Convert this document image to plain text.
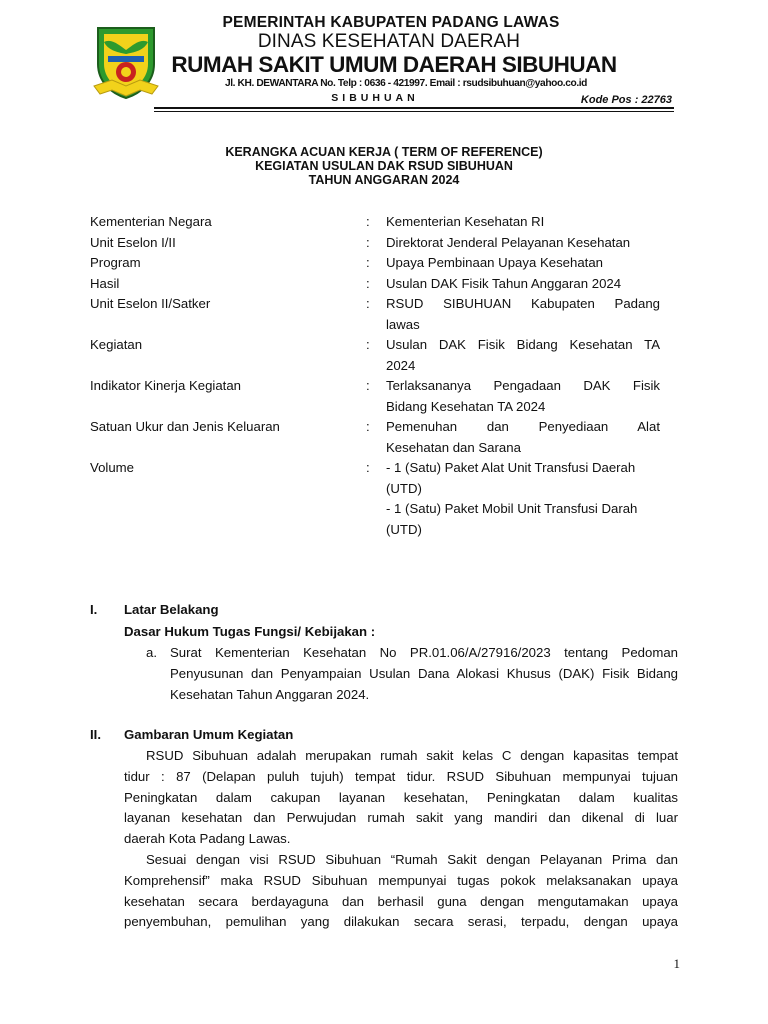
PEMERINTAH KABUPATEN PADANG LAWAS
DINAS KESEHATAN DAERAH
RUMAH SAKIT UMUM DAERAH SIBUHUAN
Jl. KH. DEWANTARA No. Telp : 0636 - 421997. Email : rsudsibuhuan@yahoo.co.id
SIBUHUAN	Kode Pos : 22763
KERANGKA ACUAN KERJA ( TERM OF REFERENCE)
KEGIATAN USULAN DAK RSUD SIBUHUAN
TAHUN ANGGARAN 2024
Kementerian Negara	:	Kementerian Kesehatan RI
Unit Eselon I/II	:	Direktorat Jenderal Pelayanan Kesehatan
Program	:	Upaya Pembinaan Upaya Kesehatan
Hasil	:	Usulan DAK Fisik Tahun Anggaran 2024
Unit Eselon II/Satker	:	RSUD SIBUHUAN Kabupaten Padang
lawas
Kegiatan	:	Usulan DAK Fisik Bidang Kesehatan TA
2024
Indikator Kinerja Kegiatan	:	Terlaksananya Pengadaan DAK Fisik
Bidang Kesehatan TA 2024
Satuan Ukur dan Jenis Keluaran	:	Pemenuhan dan Penyediaan Alat
Kesehatan dan Sarana
Volume	:	- 1 (Satu) Paket Alat Unit Transfusi Daerah
(UTD)
- 1 (Satu) Paket Mobil Unit Transfusi Darah
(UTD)
I. Latar Belakang
Dasar Hukum Tugas Fungsi/ Kebijakan :
a. Surat Kementerian Kesehatan No PR.01.06/A/27916/2023 tentang Pedoman
Penyusunan dan Penyampaian Usulan Dana Alokasi Khusus (DAK) Fisik Bidang
Kesehatan Tahun Anggaran 2024.
II. Gambaran Umum Kegiatan
RSUD Sibuhuan adalah merupakan rumah sakit kelas C dengan kapasitas tempat
tidur : 87 (Delapan puluh tujuh) tempat tidur. RSUD Sibuhuan mempunyai tujuan
Peningkatan dalam cakupan layanan kesehatan, Peningkatan dalam kualitas
layanan kesehatan dan Perwujudan rumah sakit yang mandiri dan dikenal di luar
daerah Kota Padang Lawas.
Sesuai dengan visi RSUD Sibuhuan “Rumah Sakit dengan Pelayanan Prima dan
Komprehensif” maka RSUD Sibuhuan mempunyai tugas pokok melaksanakan upaya
kesehatan secara berdayaguna dan berhasil guna dengan mengutamakan upaya
penyembuhan, pemulihan yang dilakukan secara serasi, terpadu, dengan upaya
1
